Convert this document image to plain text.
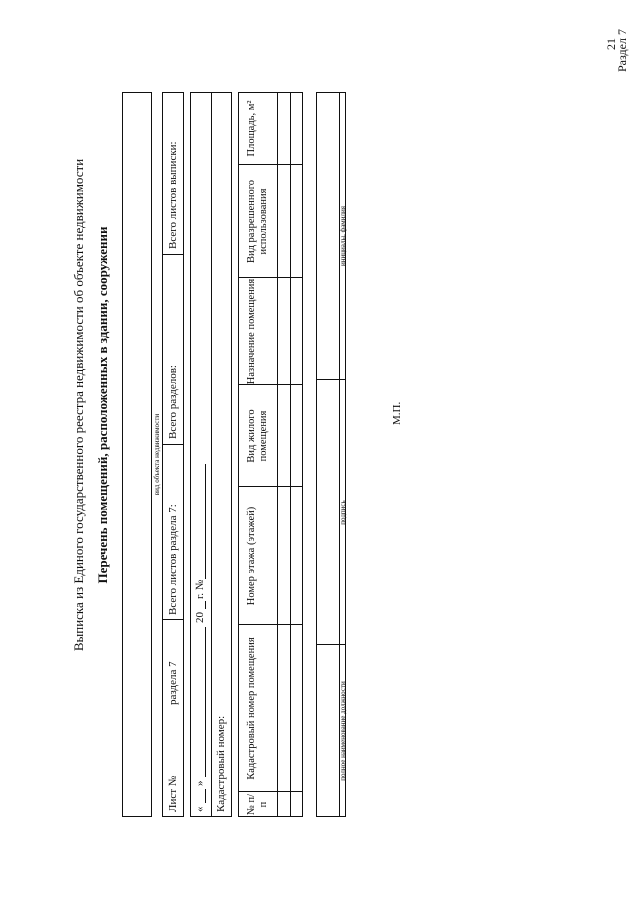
21
Раздел 7
Выписка из Единого государственного реестра недвижимости об объекте недвижимости Перечень помещений, расположенных в здании, сооружении	вид объекта недвижимости
Лист №
раздела 7
Всего листов раздела 7:
Всего разделов:
Всего листов выписки:
«
»
20
г. №
Кадастровый номер: № п/п
Кадастровый номер помещения
Номер этажа (этажей)
Вид жилого помещения
Назначение помещения
Вид разрешенного использования
Площадь, м²
полное наименование должности
подпись
инициалы, фамилия
М.П.
